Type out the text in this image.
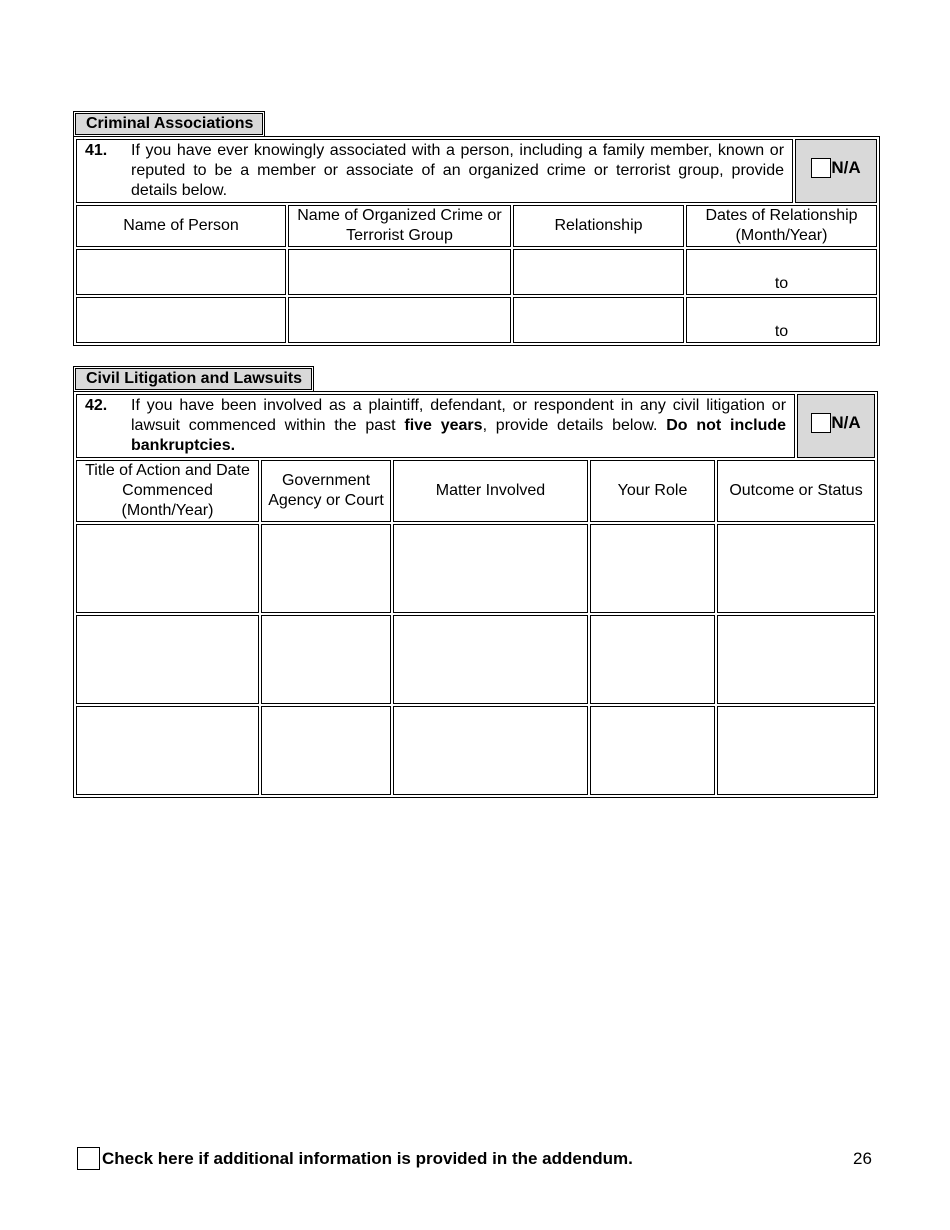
Criminal Associations
41. If you have ever knowingly associated with a person, including a family member, known or reputed to be a member or associate of an organized crime or terrorist group, provide details below.				N/A

Name of Person	Name of Organized Crime or Terrorist Group	Relationship	Dates of Relationship (Month/Year)	
			to	
			to	
Civil Litigation and Lawsuits
42. If you have been involved as a plaintiff, defendant, or respondent in any civil litigation or lawsuit commenced within the past five years, provide details below. Do not include bankruptcies.					N/A

Title of Action and Date Commenced (Month/Year)	Government Agency or Court	Matter Involved	Your Role	Outcome or Status	

Check here if additional information is provided in the addendum.	26
